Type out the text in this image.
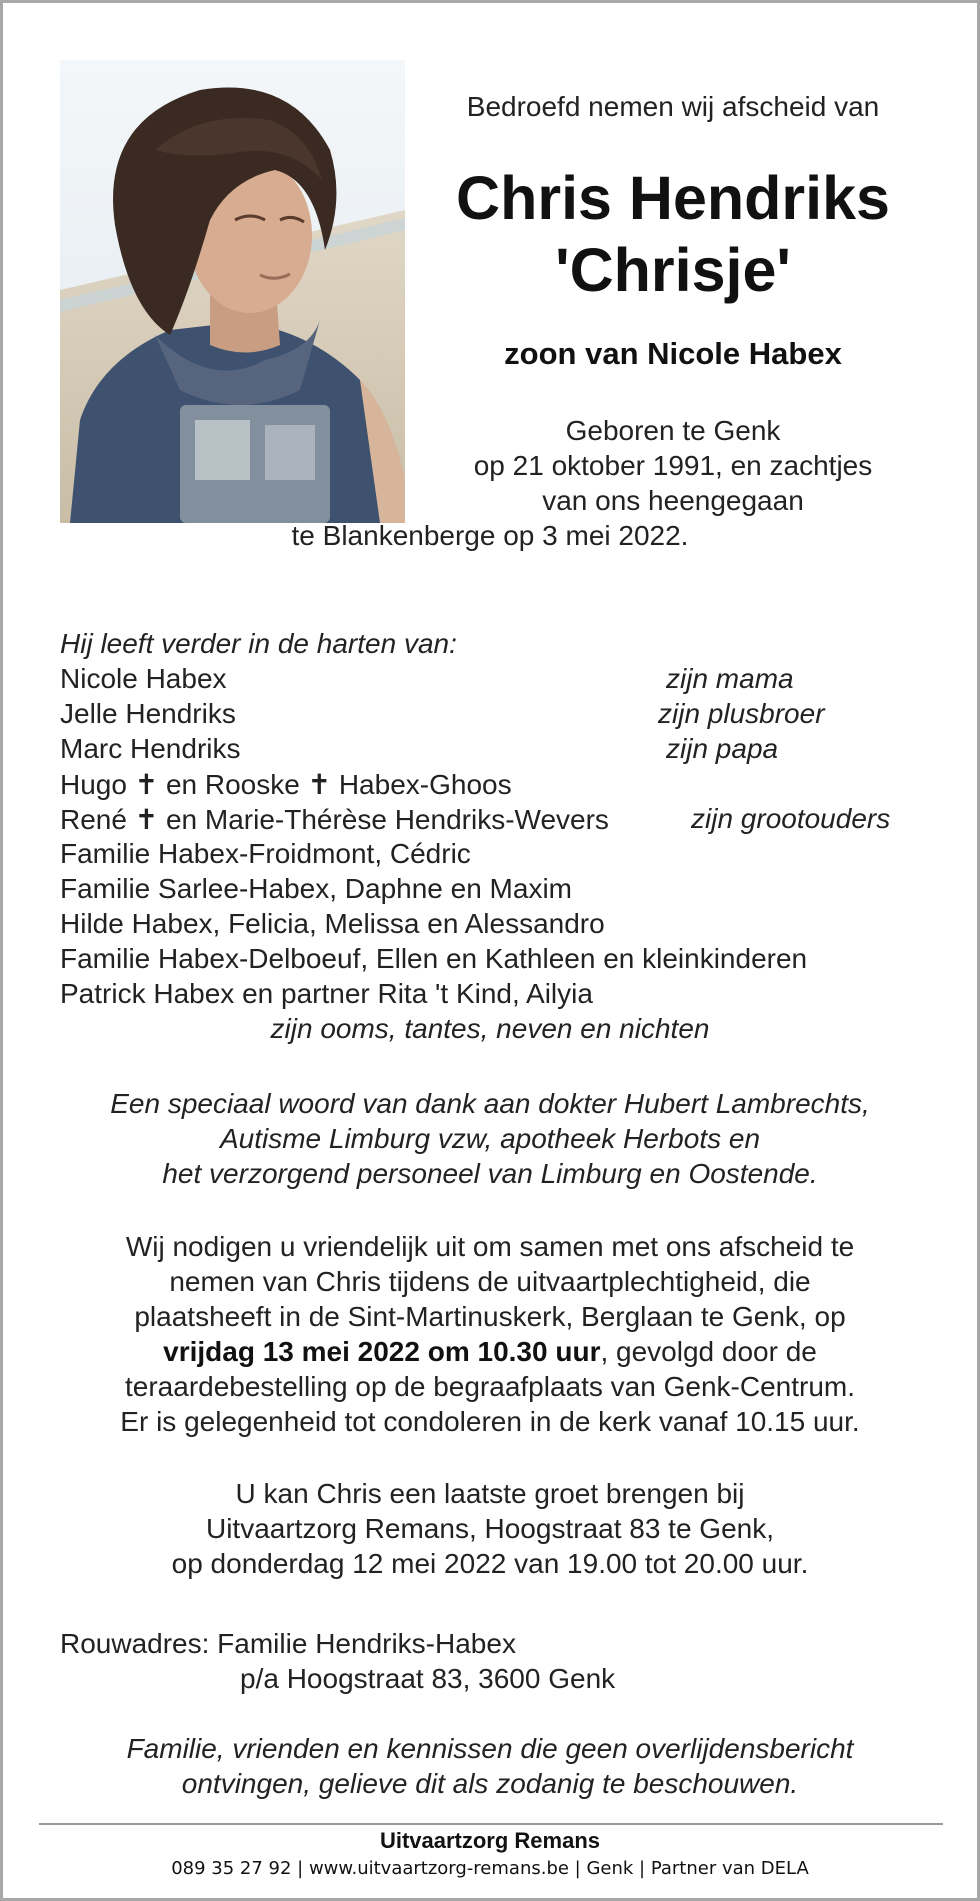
Bedroefd nemen wij afscheid van
Chris Hendriks
'Chrisje'
zoon van Nicole Habex
Geboren te Genk
op 21 oktober 1991, en zachtjes
van ons heengegaan
te Blankenberge op 3 mei 2022.
Hij leeft verder in de harten van:
Nicole Habex	zijn mama
Jelle Hendriks	zijn plusbroer
Marc Hendriks	zijn papa
Hugo ✝ en Rooske ✝ Habex-Ghoos
René ✝ en Marie-Thérèse Hendriks-Wevers	zijn grootouders
Familie Habex-Froidmont, Cédric
Familie Sarlee-Habex, Daphne en Maxim
Hilde Habex, Felicia, Melissa en Alessandro
Familie Habex-Delboeuf, Ellen en Kathleen en kleinkinderen
Patrick Habex en partner Rita 't Kind, Ailyia
zijn ooms, tantes, neven en nichten
Een speciaal woord van dank aan dokter Hubert Lambrechts,
Autisme Limburg vzw, apotheek Herbots en
het verzorgend personeel van Limburg en Oostende.
Wij nodigen u vriendelijk uit om samen met ons afscheid te
nemen van Chris tijdens de uitvaartplechtigheid, die
plaatsheeft in de Sint-Martinuskerk, Berglaan te Genk, op
vrijdag 13 mei 2022 om 10.30 uur, gevolgd door de
teraardebestelling op de begraafplaats van Genk-Centrum.
Er is gelegenheid tot condoleren in de kerk vanaf 10.15 uur.
U kan Chris een laatste groet brengen bij
Uitvaartzorg Remans, Hoogstraat 83 te Genk,
op donderdag 12 mei 2022 van 19.00 tot 20.00 uur.
Rouwadres: Familie Hendriks-Habex
p/a Hoogstraat 83, 3600 Genk
Familie, vrienden en kennissen die geen overlijdensbericht
ontvingen, gelieve dit als zodanig te beschouwen.
Uitvaartzorg Remans
089 35 27 92 | www.uitvaartzorg-remans.be | Genk | Partner van DELA
